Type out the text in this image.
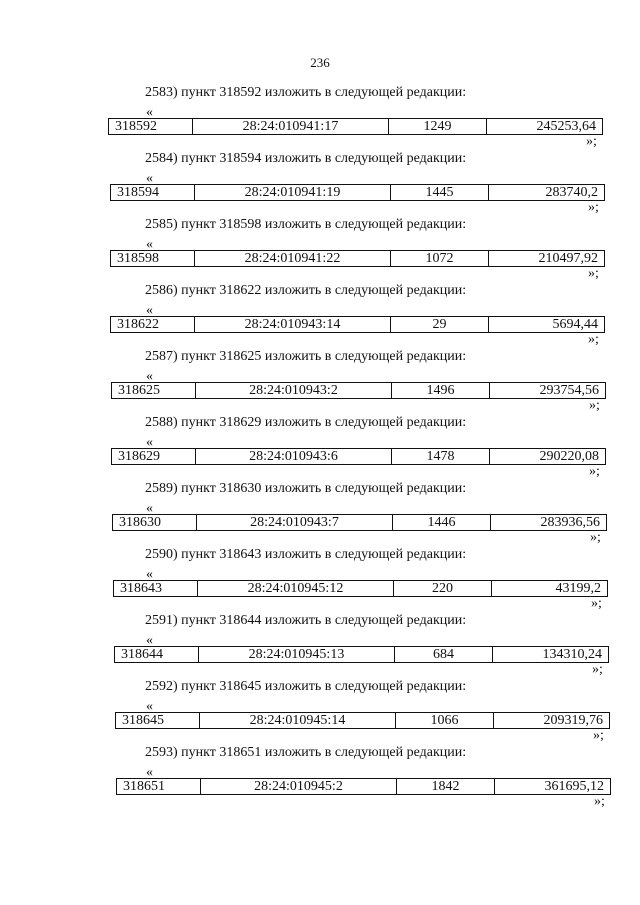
236
2583) пункт 318592 изложить в следующей редакции:
«
318592	28:24:010941:17	1249	245253,64
»;
2584) пункт 318594 изложить в следующей редакции:
«
318594	28:24:010941:19	1445	283740,2
»;
2585) пункт 318598 изложить в следующей редакции:
«
318598	28:24:010941:22	1072	210497,92
»;
2586) пункт 318622 изложить в следующей редакции:
«
318622	28:24:010943:14	29	5694,44
»;
2587) пункт 318625 изложить в следующей редакции:
«
318625	28:24:010943:2	1496	293754,56
»;
2588) пункт 318629 изложить в следующей редакции:
«
318629	28:24:010943:6	1478	290220,08
»;
2589) пункт 318630 изложить в следующей редакции:
«
318630	28:24:010943:7	1446	283936,56
»;
2590) пункт 318643 изложить в следующей редакции:
«
318643	28:24:010945:12	220	43199,2
»;
2591) пункт 318644 изложить в следующей редакции:
«
318644	28:24:010945:13	684	134310,24
»;
2592) пункт 318645 изложить в следующей редакции:
«
318645	28:24:010945:14	1066	209319,76
»;
2593) пункт 318651 изложить в следующей редакции:
«
318651	28:24:010945:2	1842	361695,12
»;
